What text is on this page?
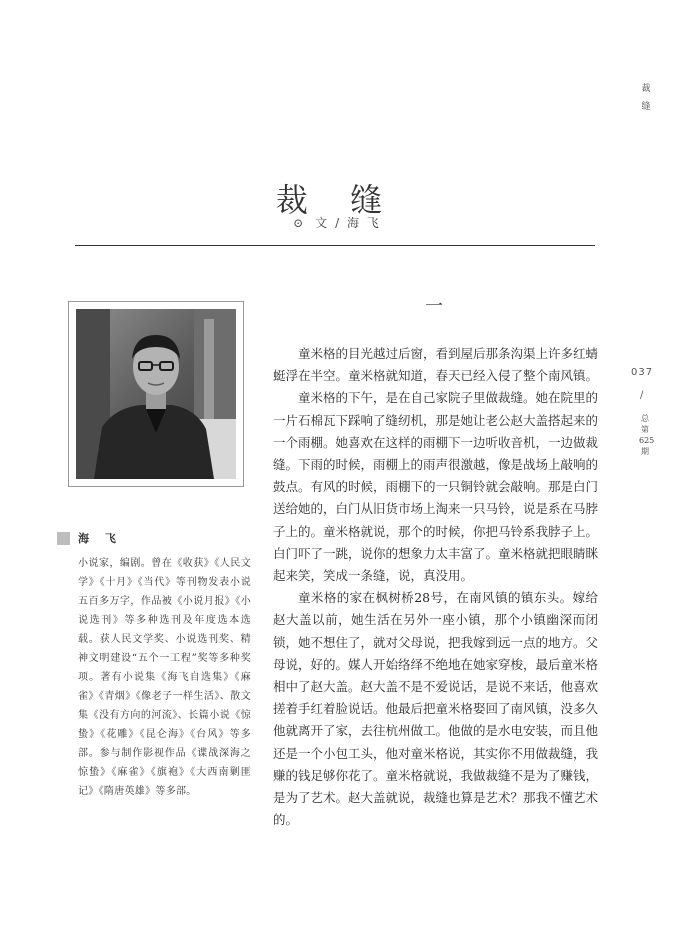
裁缝
裁 缝
⊙ 文 / 海 飞
海 飞
小说家，编剧。曾在《收获》《人民文学》《十月》《当代》等刊物发表小说五百多万字，作品被《小说月报》《小说选刊》等多种选刊及年度选本选载。获人民文学奖、小说选刊奖、精神文明建设“五个一工程”奖等多种奖项。著有小说集《海飞自选集》《麻雀》《青烟》《像老子一样生活》、散文集《没有方向的河流》、长篇小说《惊蛰》《花雕》《昆仑海》《台风》等多部。参与制作影视作品《谍战深海之惊蛰》《麻雀》《旗袍》《大西南剿匪记》《隋唐英雄》等多部。
一

童米格的目光越过后窗，看到屋后那条沟渠上许多红蜻蜓浮在半空。童米格就知道，春天已经入侵了整个南风镇。

童米格的下午，是在自己家院子里做裁缝。她在院里的一片石棉瓦下踩响了缝纫机，那是她让老公赵大盖搭起来的一个雨棚。她喜欢在这样的雨棚下一边听收音机，一边做裁缝。下雨的时候，雨棚上的雨声很激越，像是战场上敲响的鼓点。有风的时候，雨棚下的一只铜铃就会敲响。那是白门送给她的，白门从旧货市场上淘来一只马铃，说是系在马脖子上的。童米格就说，那个的时候，你把马铃系我脖子上。白门吓了一跳，说你的想象力太丰富了。童米格就把眼睛眯起来笑，笑成一条缝，说，真没用。

童米格的家在枫树桥28号，在南风镇的镇东头。嫁给赵大盖以前，她生活在另外一座小镇，那个小镇幽深而闭锁，她不想住了，就对父母说，把我嫁到远一点的地方。父母说，好的。媒人开始络绎不绝地在她家穿梭，最后童米格相中了赵大盖。赵大盖不是不爱说话，是说不来话，他喜欢搓着手红着脸说话。他最后把童米格娶回了南风镇，没多久他就离开了家，去往杭州做工。他做的是水电安装，而且他还是一个小包工头，他对童米格说，其实你不用做裁缝，我赚的钱足够你花了。童米格就说，我做裁缝不是为了赚钱，是为了艺术。赵大盖就说，裁缝也算是艺术？那我不懂艺术的。

037
/
总第625期
